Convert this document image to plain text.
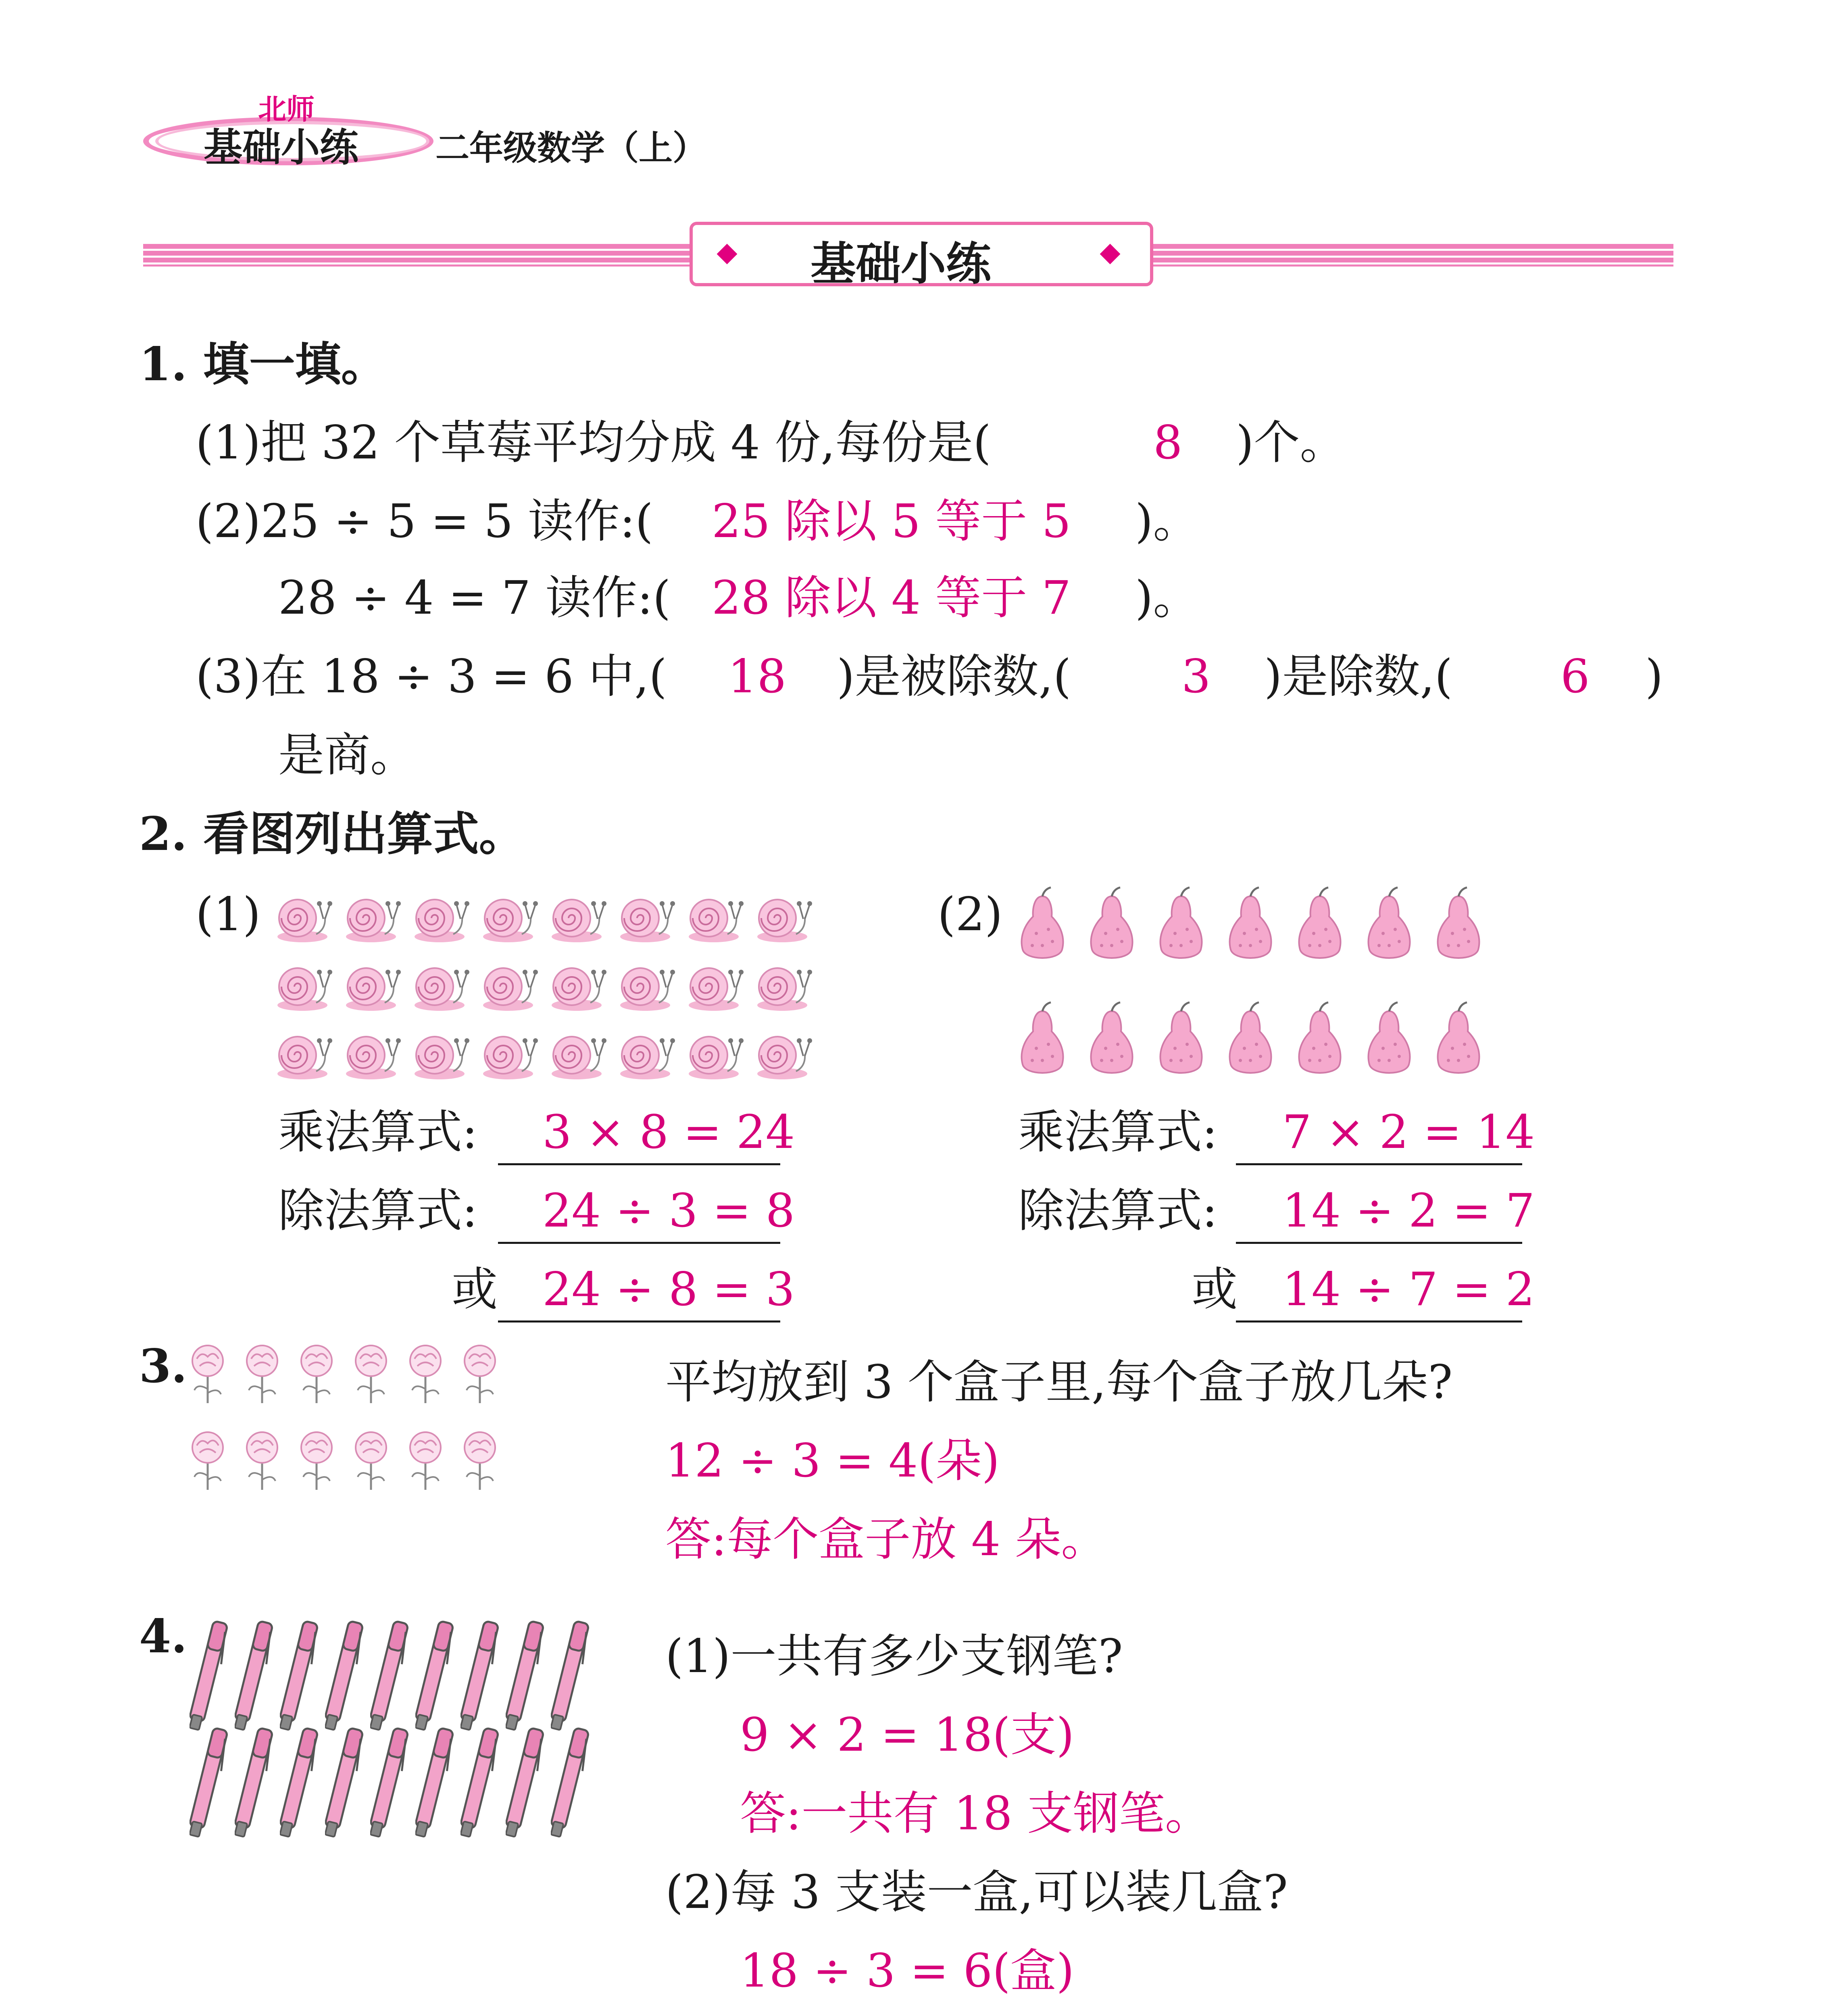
北师
基础小练 二年级数学（上）
基础小练
1. 填一填。
(1)把 32 个草莓平均分成 4 份,每份是(	8 )个。
(2)25 ÷ 5 = 5 读作:( 25 除以 5 等于 5 )。
28 ÷ 4 = 7 读作:( 28 除以 4 等于 7 )。
(3)在 18 ÷ 3 = 6 中,( 18 )是被除数,( 3 )是除数,( 6 )
是商。
2. 看图列出算式。
(1)	(2)
乘法算式: 3 × 8 = 24
除法算式: 24 ÷ 3 = 8
或 24 ÷ 8 = 3
乘法算式: 7 × 2 = 14
除法算式: 14 ÷ 2 = 7
或 14 ÷ 7 = 2
3.	平均放到 3 个盒子里,每个盒子放几朵?
12 ÷ 3 = 4(朵)
答:每个盒子放 4 朵。
4.	(1)一共有多少支钢笔?
9 × 2 = 18(支)
答:一共有 18 支钢笔。
(2)每 3 支装一盒,可以装几盒?
18 ÷ 3 = 6(盒)
